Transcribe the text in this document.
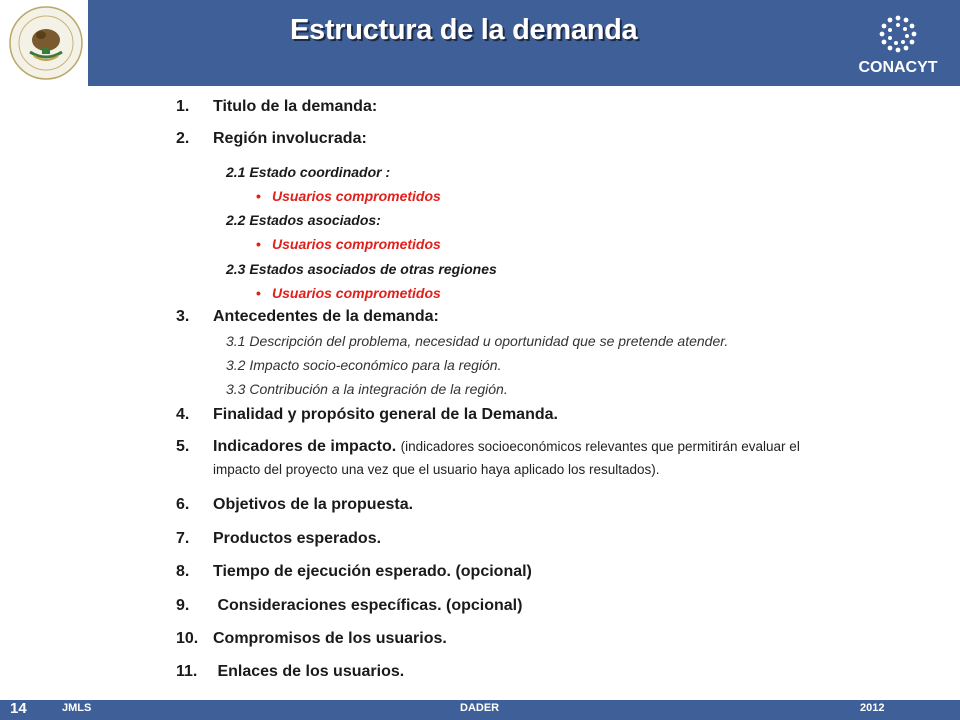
Estructura de la demanda
CONACYT
1. Titulo de la demanda:
2. Región involucrada:
2.1 Estado coordinador :
• Usuarios comprometidos
2.2 Estados asociados:
• Usuarios comprometidos
2.3 Estados asociados de otras regiones
• Usuarios comprometidos
3. Antecedentes de la demanda:
3.1 Descripción del problema, necesidad u oportunidad que se pretende atender.
3.2 Impacto socio-económico para la región.
3.3 Contribución a la integración de la región.
4. Finalidad y propósito general de la Demanda.
5. Indicadores de impacto. (indicadores socioeconómicos relevantes que permitirán evaluar el
impacto del proyecto una vez que el usuario haya aplicado los resultados).
6. Objetivos de la propuesta.
7. Productos esperados.
8. Tiempo de ejecución esperado. (opcional)
9. Consideraciones específicas. (opcional)
10. Compromisos de los usuarios.
11. Enlaces de los usuarios.
14	JMLS	DADER	2012
